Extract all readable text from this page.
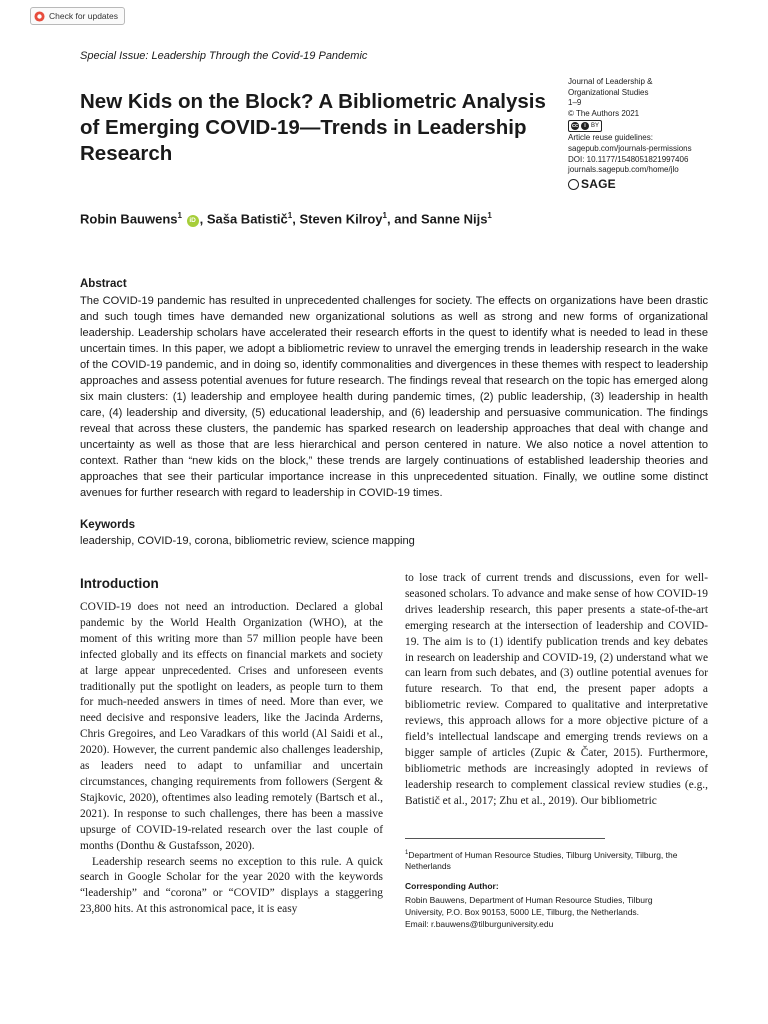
Check for updates
Special Issue: Leadership Through the Covid-19 Pandemic
New Kids on the Block? A Bibliometric Analysis of Emerging COVID-19—Trends in Leadership Research
Journal of Leadership &
Organizational Studies
1–9
© The Authors 2021
cc	i BY
Article reuse guidelines:
sagepub.com/journals-permissions
DOI: 10.1177/1548051821997406
journals.sagepub.com/home/jlo
SAGE
Robin Bauwens$^1$ iD , Saša Batistič$^1$, Steven Kilroy$^1$, and Sanne Nijs$^1$
Abstract
The COVID-19 pandemic has resulted in unprecedented challenges for society. The effects on organizations have been drastic and such tough times have demanded new organizational solutions as well as strong and new forms of organizational leadership. Leadership scholars have accelerated their research efforts in the quest to identify what is needed to lead in these uncertain times. In this paper, we adopt a bibliometric review to unravel the emerging trends in leadership research in the wake of the COVID-19 pandemic, and in doing so, identify commonalities and divergences in these themes with respect to leadership approaches and assess potential avenues for future research. The findings reveal that research on the topic has emerged along six main clusters: (1) leadership and employee health during pandemic times, (2) public leadership, (3) leadership in health care, (4) leadership and diversity, (5) educational leadership, and (6) leadership and persuasive communication. The findings reveal that across these clusters, the pandemic has sparked research on leadership approaches that deal with change and uncertainty as well as those that are less hierarchical and person centered in nature. We also notice a novel attention to context. Rather than “new kids on the block,” these trends are largely continuations of established leadership theories and approaches that see their particular importance increase in this unprecedented situation. Finally, we outline some distinct avenues for further research with regard to leadership in COVID-19 times.
Keywords
leadership, COVID-19, corona, bibliometric review, science mapping
Introduction

COVID-19 does not need an introduction. Declared a global pandemic by the World Health Organization (WHO), at the moment of this writing more than 57 million people have been infected globally and its effects on financial markets and society at large appear unprecedented. Crises and unforeseen events traditionally put the spotlight on leaders, as people turn to them for much-needed answers in times of need. More than ever, we need decisive and responsive leaders, like the Jacinda Arderns, Chris Gregoires, and Leo Varadkars of this world (Al Saidi et al., 2020). However, the current pandemic also challenges leadership, as leaders need to adapt to unfamiliar and uncertain circumstances, changing requirements from followers (Sergent & Stajkovic, 2020), oftentimes also leading remotely (Bartsch et al., 2021). In response to such challenges, there has been a massive upsurge of COVID-19-related research over the last couple of months (Donthu & Gustafsson, 2020).

Leadership research seems no exception to this rule. A quick search in Google Scholar for the year 2020 with the keywords “leadership” and “corona” or “COVID” displays a staggering 23,800 hits. At this astronomical pace, it is easy

to lose track of current trends and discussions, even for well-seasoned scholars. To advance and make sense of how COVID-19 drives leadership research, this paper presents a state-of-the-art emerging research at the intersection of leadership and COVID-19. The aim is to (1) identify publication trends and key debates in research on leadership and COVID-19, (2) understand what we can learn from such debates, and (3) outline potential avenues for future research. To that end, the present paper adopts a bibliometric review. Compared to qualitative and interpretative reviews, this approach allows for a more objective picture of a field’s intellectual landscape and emerging trends reviews on a bigger sample of articles (Zupic & Čater, 2015). Furthermore, bibliometric methods are increasingly adopted in reviews of leadership research to complement classical review studies (e.g., Batistič et al., 2017; Zhu et al., 2019). Our bibliometric

$^1$Department of Human Resource Studies, Tilburg University, Tilburg, the Netherlands
Corresponding Author:
Robin Bauwens, Department of Human Resource Studies, Tilburg
University, P.O. Box 90153, 5000 LE, Tilburg, the Netherlands.
Email: r.bauwens@tilburguniversity.edu
